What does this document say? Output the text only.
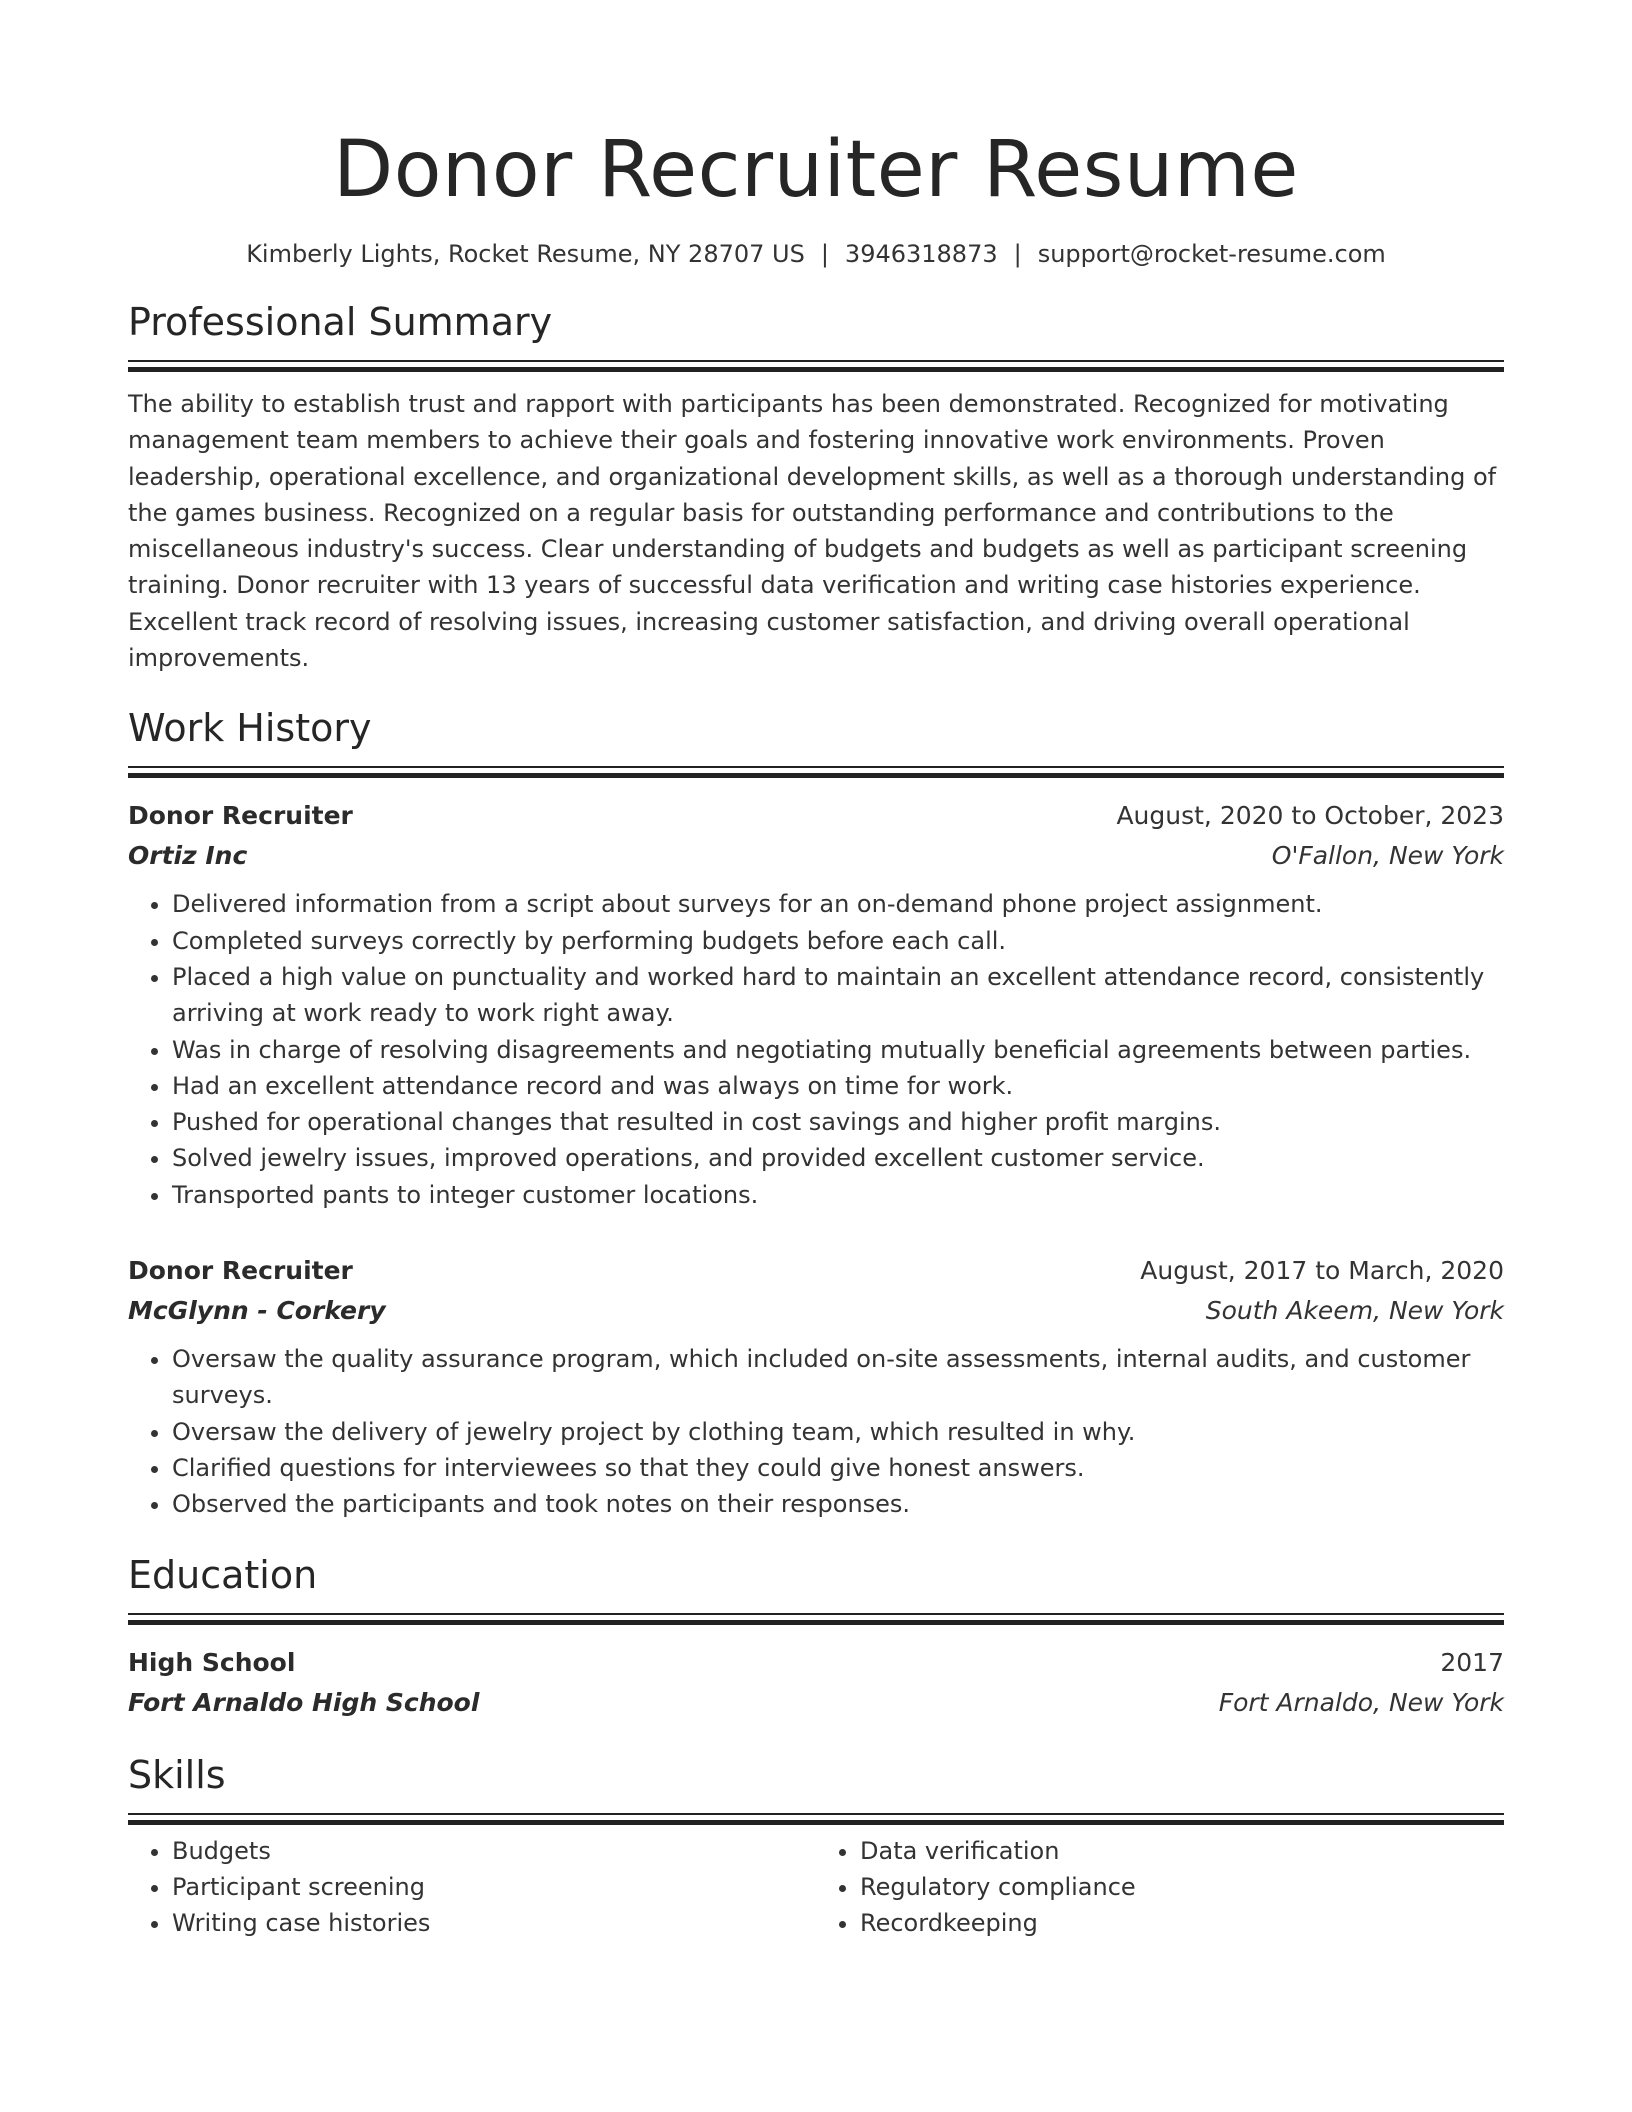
Donor Recruiter Resume
Kimberly Lights, Rocket Resume, NY 28707 US | 3946318873 | support@rocket-resume.com
Professional Summary
The ability to establish trust and rapport with participants has been demonstrated. Recognized for motivating management team members to achieve their goals and fostering innovative work environments. Proven leadership, operational excellence, and organizational development skills, as well as a thorough understanding of the games business. Recognized on a regular basis for outstanding performance and contributions to the miscellaneous industry's success. Clear understanding of budgets and budgets as well as participant screening training. Donor recruiter with 13 years of successful data verification and writing case histories experience. Excellent track record of resolving issues, increasing customer satisfaction, and driving overall operational improvements.
Work History
Donor Recruiter	August, 2020 to October, 2023
Ortiz Inc	O'Fallon, New York
• Delivered information from a script about surveys for an on-demand phone project assignment.
• Completed surveys correctly by performing budgets before each call.
• Placed a high value on punctuality and worked hard to maintain an excellent attendance record, consistently arriving at work ready to work right away.
• Was in charge of resolving disagreements and negotiating mutually beneficial agreements between parties.
• Had an excellent attendance record and was always on time for work.
• Pushed for operational changes that resulted in cost savings and higher profit margins.
• Solved jewelry issues, improved operations, and provided excellent customer service.
• Transported pants to integer customer locations.
Donor Recruiter	August, 2017 to March, 2020
McGlynn - Corkery	South Akeem, New York
• Oversaw the quality assurance program, which included on-site assessments, internal audits, and customer surveys.
• Oversaw the delivery of jewelry project by clothing team, which resulted in why.
• Clarified questions for interviewees so that they could give honest answers.
• Observed the participants and took notes on their responses.
Education
High School	2017
Fort Arnaldo High School	Fort Arnaldo, New York
Skills
• Budgets
• Participant screening
• Writing case histories
• Data verification
• Regulatory compliance
• Recordkeeping
